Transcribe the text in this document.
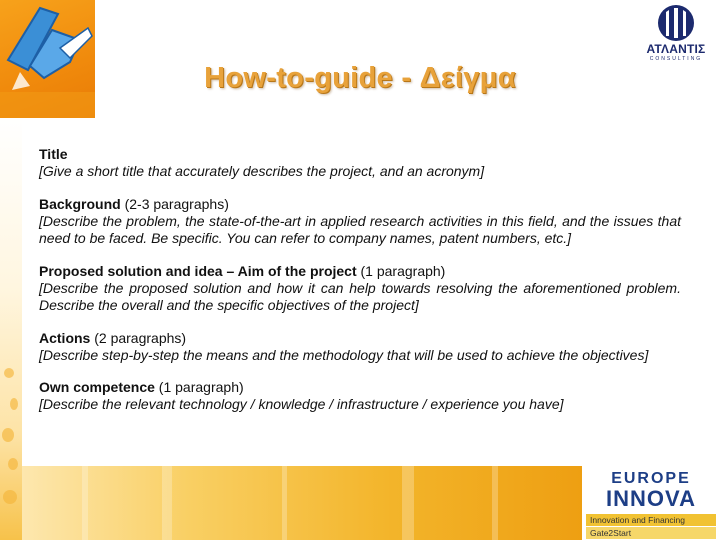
How-to-guide - Δείγμα
ΑΤΛΑΝΤΙΣ
CONSULTING
Title
[Give a short title that accurately describes the project, and an acronym]
Background (2-3 paragraphs)
[Describe the problem, the state-of-the-art in applied research activities in this field, and the issues that need to be faced. Be specific. You can refer to company names, patent numbers, etc.]
Proposed solution and idea – Aim of the project (1 paragraph)
[Describe the proposed solution and how it can help towards resolving the aforementioned problem. Describe the overall and the specific objectives of the project]
Actions (2 paragraphs)
[Describe step-by-step the means and the methodology that will be used to achieve the objectives]
Own competence (1 paragraph)
[Describe the relevant technology / knowledge / infrastructure / experience you have]
EUROPE
INNOVA
Innovation and Financing
Gate2Start
